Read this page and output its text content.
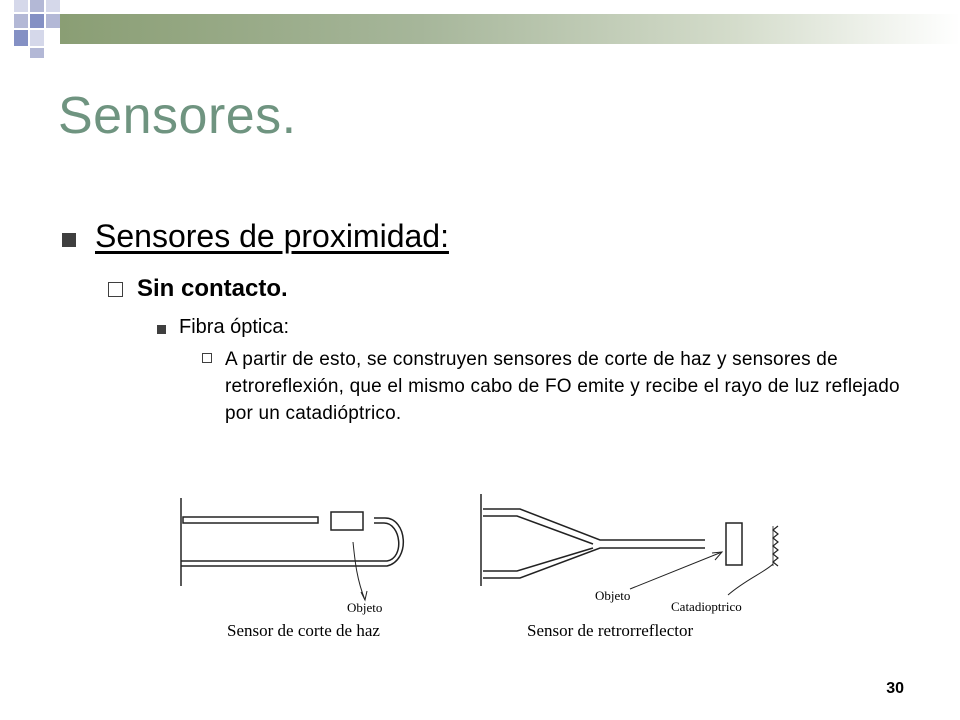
Sensores.
Sensores de proximidad:
Sin contacto.
Fibra óptica:
A partir de esto, se construyen sensores de corte de haz y sensores de retroreflexión, que el mismo cabo de FO emite y recibe el rayo de luz reflejado por un catadióptrico.
Objeto
Sensor de corte de haz
Objeto
Catadioptrico
Sensor de retrorreflector
30
